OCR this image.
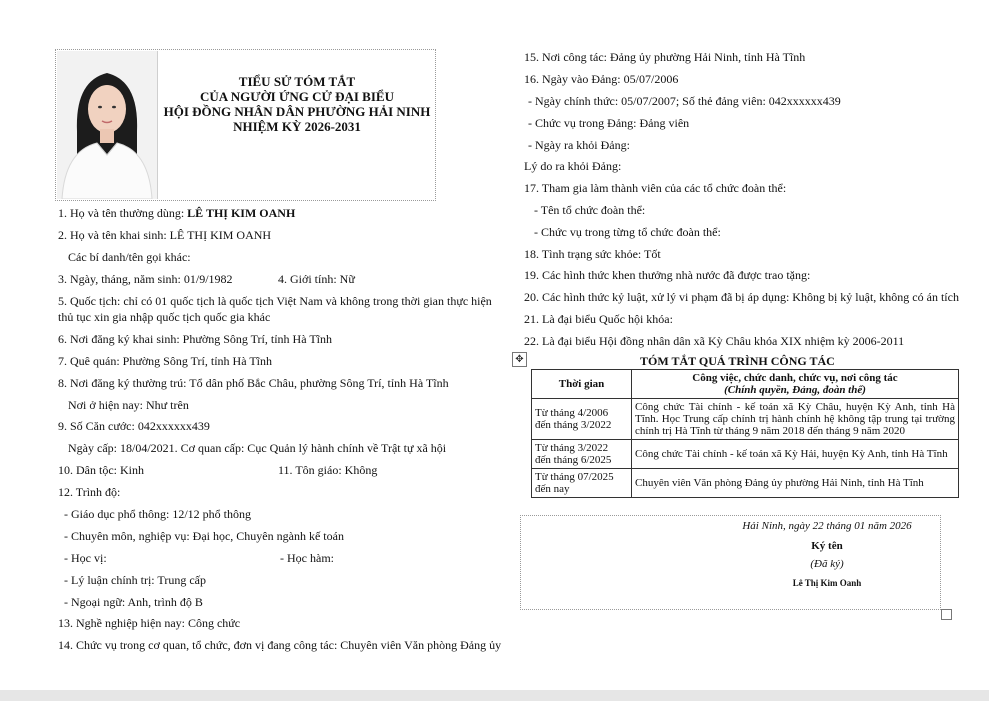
TIỂU SỬ TÓM TẮT
CỦA NGƯỜI ỨNG CỬ ĐẠI BIỂU
HỘI ĐỒNG NHÂN DÂN PHƯỜNG HẢI NINH
NHIỆM KỲ 2026-2031
1. Họ và tên thường dùng: LÊ THỊ KIM OANH
2. Họ và tên khai sinh: LÊ THỊ KIM OANH
Các bí danh/tên gọi khác:
3. Ngày, tháng, năm sinh: 01/9/1982	4. Giới tính: Nữ
5. Quốc tịch: chỉ có 01 quốc tịch là quốc tịch Việt Nam và không trong thời gian thực hiện
thủ tục xin gia nhập quốc tịch quốc gia khác
6. Nơi đăng ký khai sinh: Phường Sông Trí, tỉnh Hà Tĩnh
7. Quê quán: Phường Sông Trí, tỉnh Hà Tĩnh
8. Nơi đăng ký thường trú: Tổ dân phố Bắc Châu, phường Sông Trí, tỉnh Hà Tĩnh
Nơi ở hiện nay: Như trên
9. Số Căn cước: 042xxxxxx439
Ngày cấp: 18/04/2021. Cơ quan cấp: Cục Quản lý hành chính về Trật tự xã hội
10. Dân tộc: Kinh	11. Tôn giáo: Không
12. Trình độ:
- Giáo dục phổ thông: 12/12 phổ thông
- Chuyên môn, nghiệp vụ: Đại học, Chuyên ngành kế toán
- Học vị:	- Học hàm:
- Lý luận chính trị: Trung cấp
- Ngoại ngữ: Anh, trình độ B
13. Nghề nghiệp hiện nay: Công chức
14. Chức vụ trong cơ quan, tổ chức, đơn vị đang công tác: Chuyên viên Văn phòng Đảng ủy
15. Nơi công tác: Đảng ủy phường Hải Ninh, tỉnh Hà Tĩnh
16. Ngày vào Đảng: 05/07/2006
- Ngày chính thức: 05/07/2007; Số thẻ đảng viên: 042xxxxxx439
- Chức vụ trong Đảng: Đảng viên
- Ngày ra khỏi Đảng:
Lý do ra khỏi Đảng:
17. Tham gia làm thành viên của các tổ chức đoàn thể:
- Tên tổ chức đoàn thể:
- Chức vụ trong từng tổ chức đoàn thể:
18. Tình trạng sức khỏe: Tốt
19. Các hình thức khen thưởng nhà nước đã được trao tặng:
20. Các hình thức kỷ luật, xử lý vi phạm đã bị áp dụng: Không bị kỷ luật, không có án tích
21. Là đại biểu Quốc hội khóa:
22. Là đại biểu Hội đồng nhân dân xã Kỳ Châu khóa XIX nhiệm kỳ 2006-2011
✥	TÓM TẮT QUÁ TRÌNH CÔNG TÁC
Thời gian	Công việc, chức danh, chức vụ, nơi công tác
(Chính quyền, Đảng, đoàn thể)

Từ tháng 4/2006
đến tháng 3/2022	Công chức Tài chính - kế toán xã Kỳ Châu, huyện Kỳ Anh, tỉnh Hà Tĩnh. Học Trung cấp chính trị hành chính hệ không tập trung tại trường chính trị Hà Tĩnh từ tháng 9 năm 2018 đến tháng 9 năm 2020

Từ tháng 3/2022
đến tháng 6/2025	Công chức Tài chính - kế toán xã Kỳ Hải, huyện Kỳ Anh, tỉnh Hà Tĩnh

Từ tháng 07/2025
đến nay	Chuyên viên Văn phòng Đảng ủy phường Hải Ninh, tỉnh Hà Tĩnh
Hải Ninh, ngày 22 tháng 01 năm 2026
Ký tên
(Đã ký)
Lê Thị Kim Oanh
